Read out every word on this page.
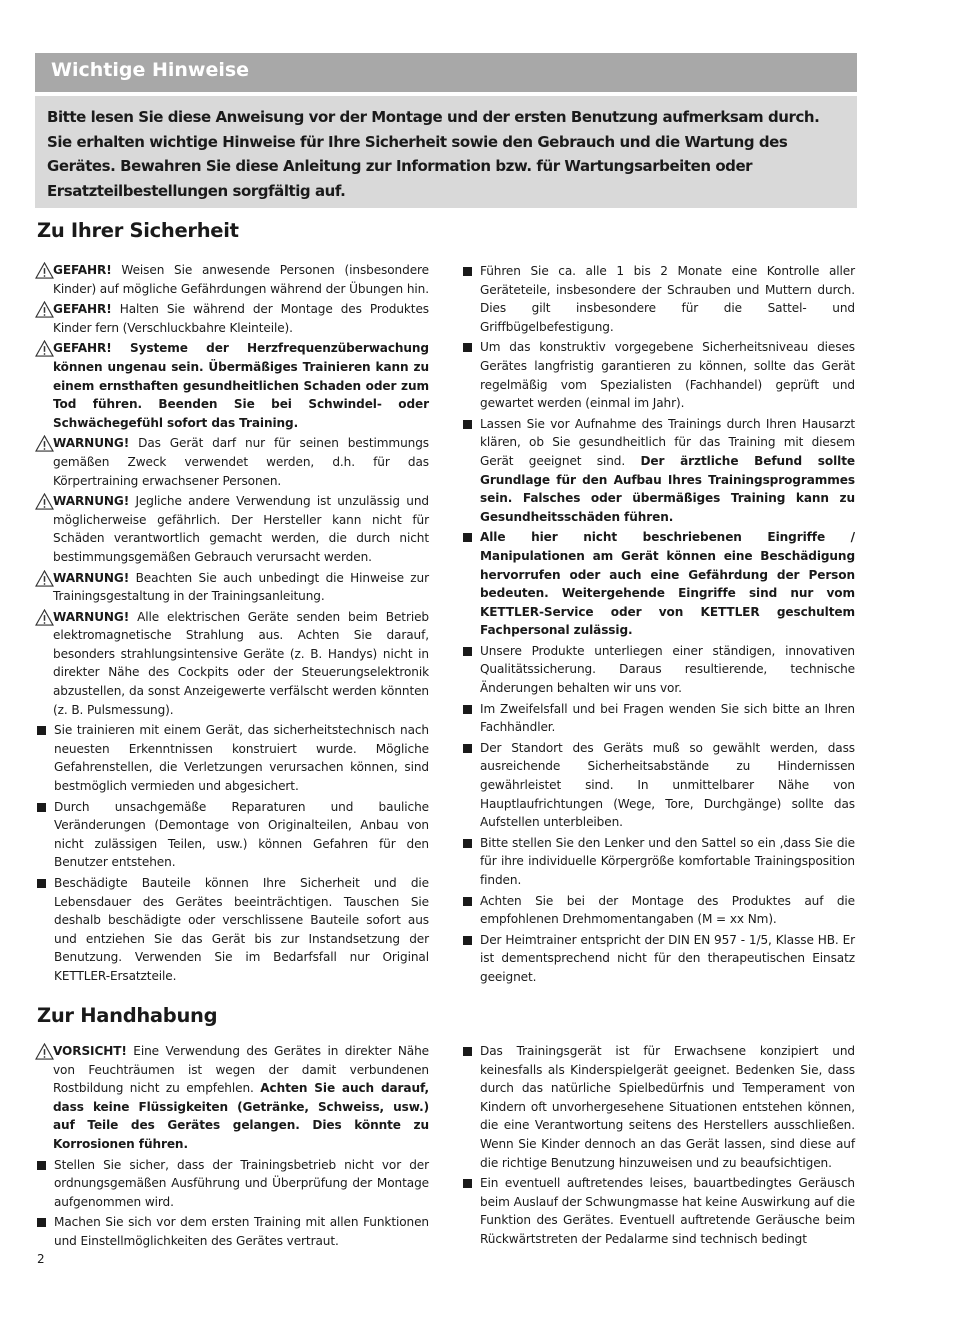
Wichtige Hinweise
Bitte lesen Sie diese Anweisung vor der Montage und der ersten Benutzung aufmerksam durch. Sie erhalten wichtige Hinweise für Ihre Sicherheit sowie den Gebrauch und die Wartung des Gerätes. Bewahren Sie diese Anleitung zur Information bzw. für Wartungsarbeiten oder Ersatzteilbestellungen sorgfältig auf.
Zu Ihrer Sicherheit

GEFAHR! Weisen Sie anwesende Personen (insbesondere Kinder) auf mögliche Gefährdungen während der Übungen hin.

GEFAHR! Halten Sie während der Montage des Produktes Kinder fern (Verschluckbahre Kleinteile).

GEFAHR! Systeme der Herzfrequenzüberwachung können ungenau sein. Übermäßiges Trainieren kann zu einem ernsthaften gesundheitlichen Schaden oder zum Tod führen. Beenden Sie bei Schwindel- oder Schwächegefühl sofort das Training.

WARNUNG! Das Gerät darf nur für seinen bestimmungs gemäßen Zweck verwendet werden, d.h. für das Körpertraining erwachsener Personen.

WARNUNG! Jegliche andere Verwendung ist unzulässig und möglicherweise gefährlich. Der Hersteller kann nicht für Schäden verantwortlich gemacht werden, die durch nicht bestimmungsgemäßen Gebrauch verursacht werden.

WARNUNG! Beachten Sie auch unbedingt die Hinweise zur Trainingsgestaltung in der Trainingsanleitung.

WARNUNG! Alle elektrischen Geräte senden beim Betrieb elektromagnetische Strahlung aus. Achten Sie darauf, besonders strahlungsintensive Geräte (z. B. Handys) nicht in direkter Nähe des Cockpits oder der Steuerungselektronik abzustellen, da sonst Anzeigewerte verfälscht werden könnten (z. B. Pulsmessung).

Sie trainieren mit einem Gerät, das sicherheitstechnisch nach neuesten Erkenntnissen konstruiert wurde. Mögliche Gefahrenstellen, die Verletzungen verursachen können, sind bestmöglich vermieden und abgesichert.

Durch unsachgemäße Reparaturen und bauliche Veränderungen (Demontage von Originalteilen, Anbau von nicht zulässigen Teilen, usw.) können Gefahren für den Benutzer entstehen.

Beschädigte Bauteile können Ihre Sicherheit und die Lebensdauer des Gerätes beeinträchtigen. Tauschen Sie deshalb beschädigte oder verschlissene Bauteile sofort aus und entziehen Sie das Gerät bis zur Instandsetzung der Benutzung. Verwenden Sie im Bedarfsfall nur Original KETTLER-Ersatzteile.

Führen Sie ca. alle 1 bis 2 Monate eine Kontrolle aller Geräteteile, insbesondere der Schrauben und Muttern durch. Dies gilt insbesondere für die Sattel- und Griffbügelbefestigung.

Um das konstruktiv vorgegebene Sicherheitsniveau dieses Gerätes langfristig garantieren zu können, sollte das Gerät regelmäßig vom Spezialisten (Fachhandel) geprüft und gewartet werden (einmal im Jahr).

Lassen Sie vor Aufnahme des Trainings durch Ihren Hausarzt klären, ob Sie gesundheitlich für das Training mit diesem Gerät geeignet sind. Der ärztliche Befund sollte Grundlage für den Aufbau Ihres Trainingsprogrammes sein. Falsches oder übermäßiges Training kann zu Gesundheitsschäden führen.

Alle hier nicht beschriebenen Eingriffe / Manipulationen am Gerät können eine Beschädigung hervorrufen oder auch eine Gefährdung der Person bedeuten. Weitergehende Eingriffe sind nur vom KETTLER-Service oder von KETTLER geschultem Fachpersonal zulässig.

Unsere Produkte unterliegen einer ständigen, innovativen Qualitätssicherung. Daraus resultierende, technische Änderungen behalten wir uns vor.

Im Zweifelsfall und bei Fragen wenden Sie sich bitte an Ihren Fachhändler.

Der Standort des Geräts muß so gewählt werden, dass ausreichende Sicherheitsabstände zu Hindernissen gewährleistet sind. In unmittelbarer Nähe von Hauptlaufrichtungen (Wege, Tore, Durchgänge) sollte das Aufstellen unterbleiben.

Bitte stellen Sie den Lenker und den Sattel so ein ,dass Sie die für ihre individuelle Körpergröße komfortable Trainingsposition finden.

Achten Sie bei der Montage des Produktes auf die empfohlenen Drehmomentangaben (M = xx Nm).

Der Heimtrainer entspricht der DIN EN 957 - 1/5, Klasse HB. Er ist dementsprechend nicht für den therapeutischen Einsatz geeignet.

Zur Handhabung

VORSICHT! Eine Verwendung des Gerätes in direkter Nähe von Feuchträumen ist wegen der damit verbundenen Rostbildung nicht zu empfehlen. Achten Sie auch darauf, dass keine Flüssigkeiten (Getränke, Schweiss, usw.) auf Teile des Gerätes gelangen. Dies könnte zu Korrosionen führen.

Stellen Sie sicher, dass der Trainingsbetrieb nicht vor der ordnungsgemäßen Ausführung und Überprüfung der Montage aufgenommen wird.

Machen Sie sich vor dem ersten Training mit allen Funktionen und Einstellmöglichkeiten des Gerätes vertraut.

Das Trainingsgerät ist für Erwachsene konzipiert und keinesfalls als Kinderspielgerät geeignet. Bedenken Sie, dass durch das natürliche Spielbedürfnis und Temperament von Kindern oft unvorhergesehene Situationen entstehen können, die eine Verantwortung seitens des Herstellers ausschließen. Wenn Sie Kinder dennoch an das Gerät lassen, sind diese auf die richtige Benutzung hinzuweisen und zu beaufsichtigen.

Ein eventuell auftretendes leises, bauartbedingtes Geräusch beim Auslauf der Schwungmasse hat keine Auswirkung auf die Funktion des Gerätes. Eventuell auftretende Geräusche beim Rückwärtstreten der Pedalarme sind technisch bedingt

2
